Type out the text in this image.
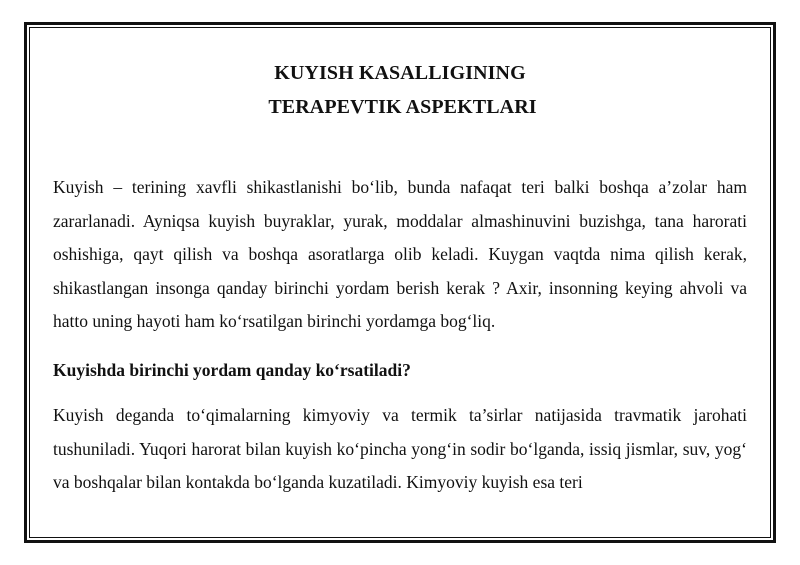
KUYISH KASALLIGINING
TERAPEVTIK ASPEKTLARI

Kuyish – terining xavfli shikastlanishi bo‘lib, bunda nafaqat teri balki boshqa a’zolar ham zararlanadi. Ayniqsa kuyish buyraklar, yurak, moddalar almashinuvini buzishga, tana harorati oshishiga, qayt qilish va boshqa asoratlarga olib keladi. Kuygan vaqtda nima qilish kerak, shikastlangan insonga qanday birinchi yordam berish kerak ? Axir, insonning keying ahvoli va hatto uning hayoti ham ko‘rsatilgan birinchi yordamga bog‘liq.

Kuyishda birinchi yordam qanday ko‘rsatiladi?

Kuyish deganda to‘qimalarning kimyoviy va termik ta’sirlar natijasida travmatik jarohati tushuniladi. Yuqori harorat bilan kuyish ko‘pincha yong‘in sodir bo‘lganda, issiq jismlar, suv, yog‘ va boshqalar bilan kontakda bo‘lganda kuzatiladi. Kimyoviy kuyish esa teri
